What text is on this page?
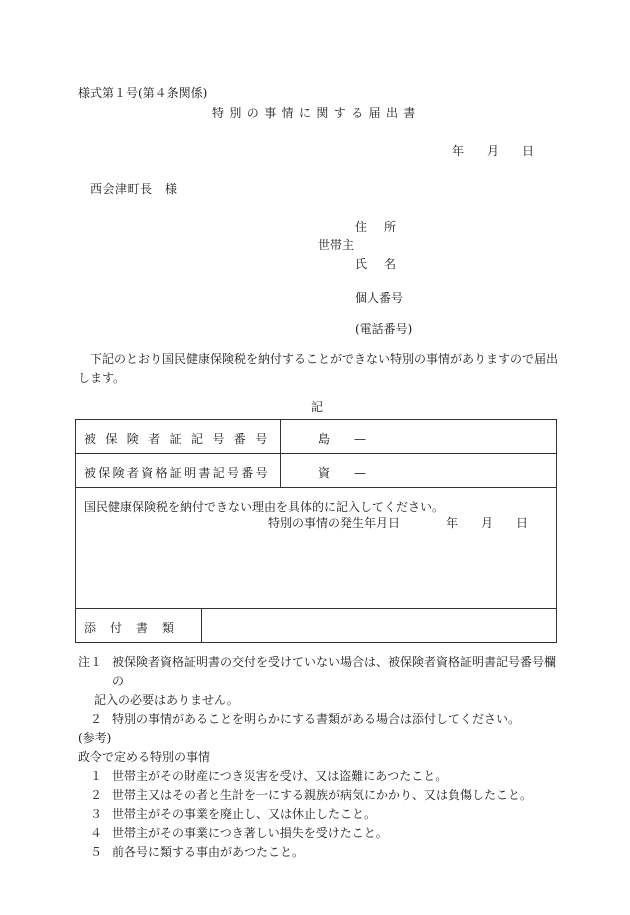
様式第１号(第４条関係)
特別の事情に関する届出書
年 月 日
西会津町長　様
住所
世帯主
氏名
個人番号
(電話番号)
下記のとおり国民健康保険税を納付することができない特別の事情がありますので届出します。
記
被保険者証記号番号	島　　—
被保険者資格証明書記号番号	資　　—
国民健康保険税を納付できない理由を具体的に記入してください。
特別の事情の発生年月日	年 月 日
添付書類
注１ 被保険者資格証明書の交付を受けていない場合は、被保険者資格証明書記号番号欄の
記入の必要はありません。
２ 特別の事情があることを明らかにする書類がある場合は添付してください。
(参考)
政令で定める特別の事情
１ 世帯主がその財産につき災害を受け、又は盗難にあつたこと。
２ 世帯主又はその者と生計を一にする親族が病気にかかり、又は負傷したこと。
３ 世帯主がその事業を廃止し、又は休止したこと。
４ 世帯主がその事業につき著しい損失を受けたこと。
５ 前各号に類する事由があつたこと。
